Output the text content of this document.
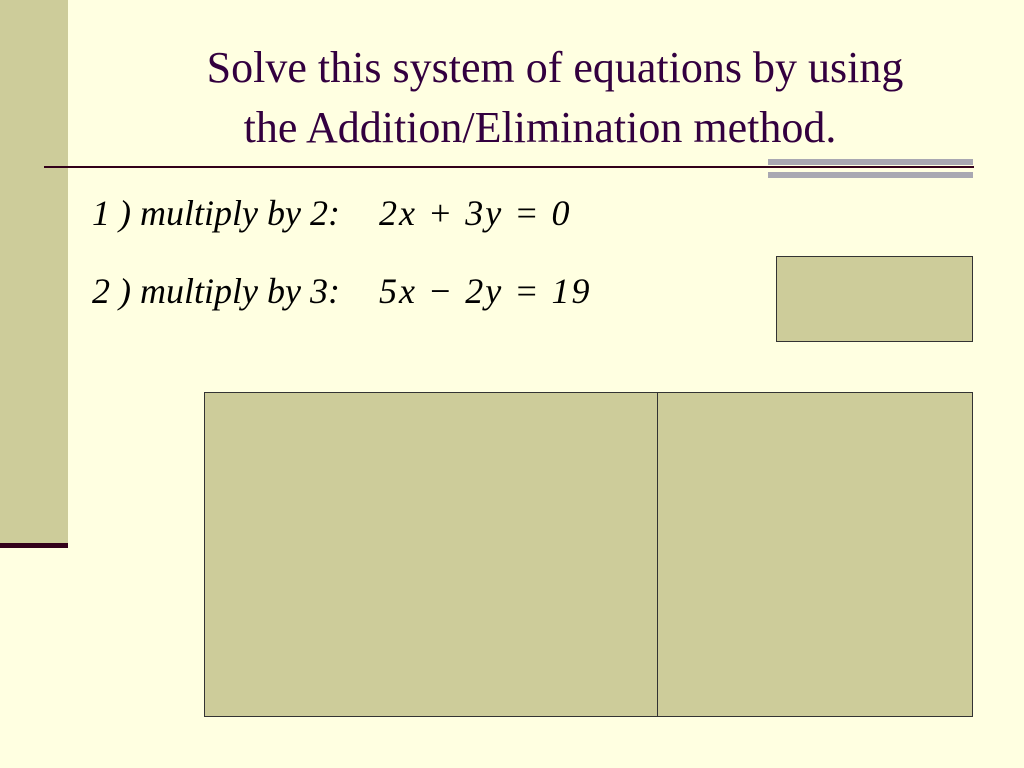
Solve this system of equations by using
the Addition/Elimination method.
1 ) multiply by 2: 2x + 3y = 0
2 ) multiply by 3: 5x − 2y = 19
